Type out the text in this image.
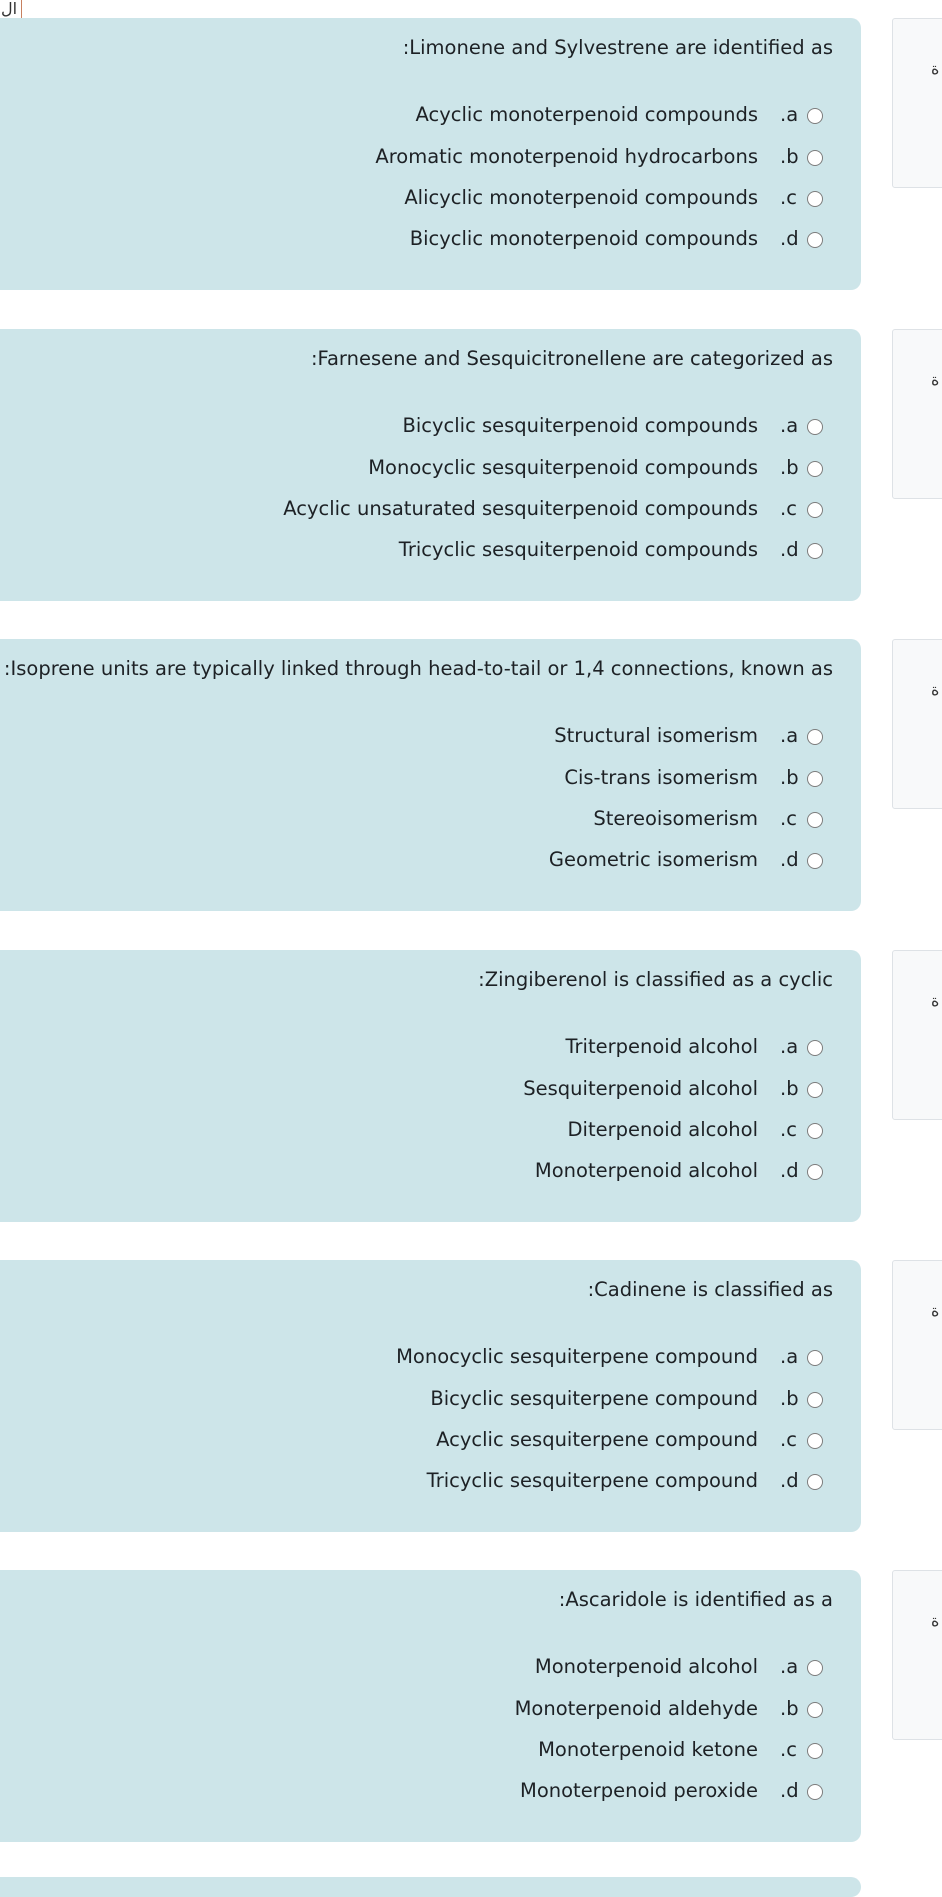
ال
:Limonene and Sylvestrene are identified as
Acyclic monoterpenoid compounds .a
Aromatic monoterpenoid hydrocarbons .b
Alicyclic monoterpenoid compounds .c
Bicyclic monoterpenoid compounds .d
ة
:Farnesene and Sesquicitronellene are categorized as
Bicyclic sesquiterpenoid compounds .a
Monocyclic sesquiterpenoid compounds .b
Acyclic unsaturated sesquiterpenoid compounds .c
Tricyclic sesquiterpenoid compounds .d
ة
:Isoprene units are typically linked through head-to-tail or 1,4 connections, known as
Structural isomerism .a
Cis-trans isomerism .b
Stereoisomerism .c
Geometric isomerism .d
ة
:Zingiberenol is classified as a cyclic
Triterpenoid alcohol .a
Sesquiterpenoid alcohol .b
Diterpenoid alcohol .c
Monoterpenoid alcohol .d
ة
:Cadinene is classified as
Monocyclic sesquiterpene compound .a
Bicyclic sesquiterpene compound .b
Acyclic sesquiterpene compound .c
Tricyclic sesquiterpene compound .d
ة
:Ascaridole is identified as a
Monoterpenoid alcohol .a
Monoterpenoid aldehyde .b
Monoterpenoid ketone .c
Monoterpenoid peroxide .d
ة
